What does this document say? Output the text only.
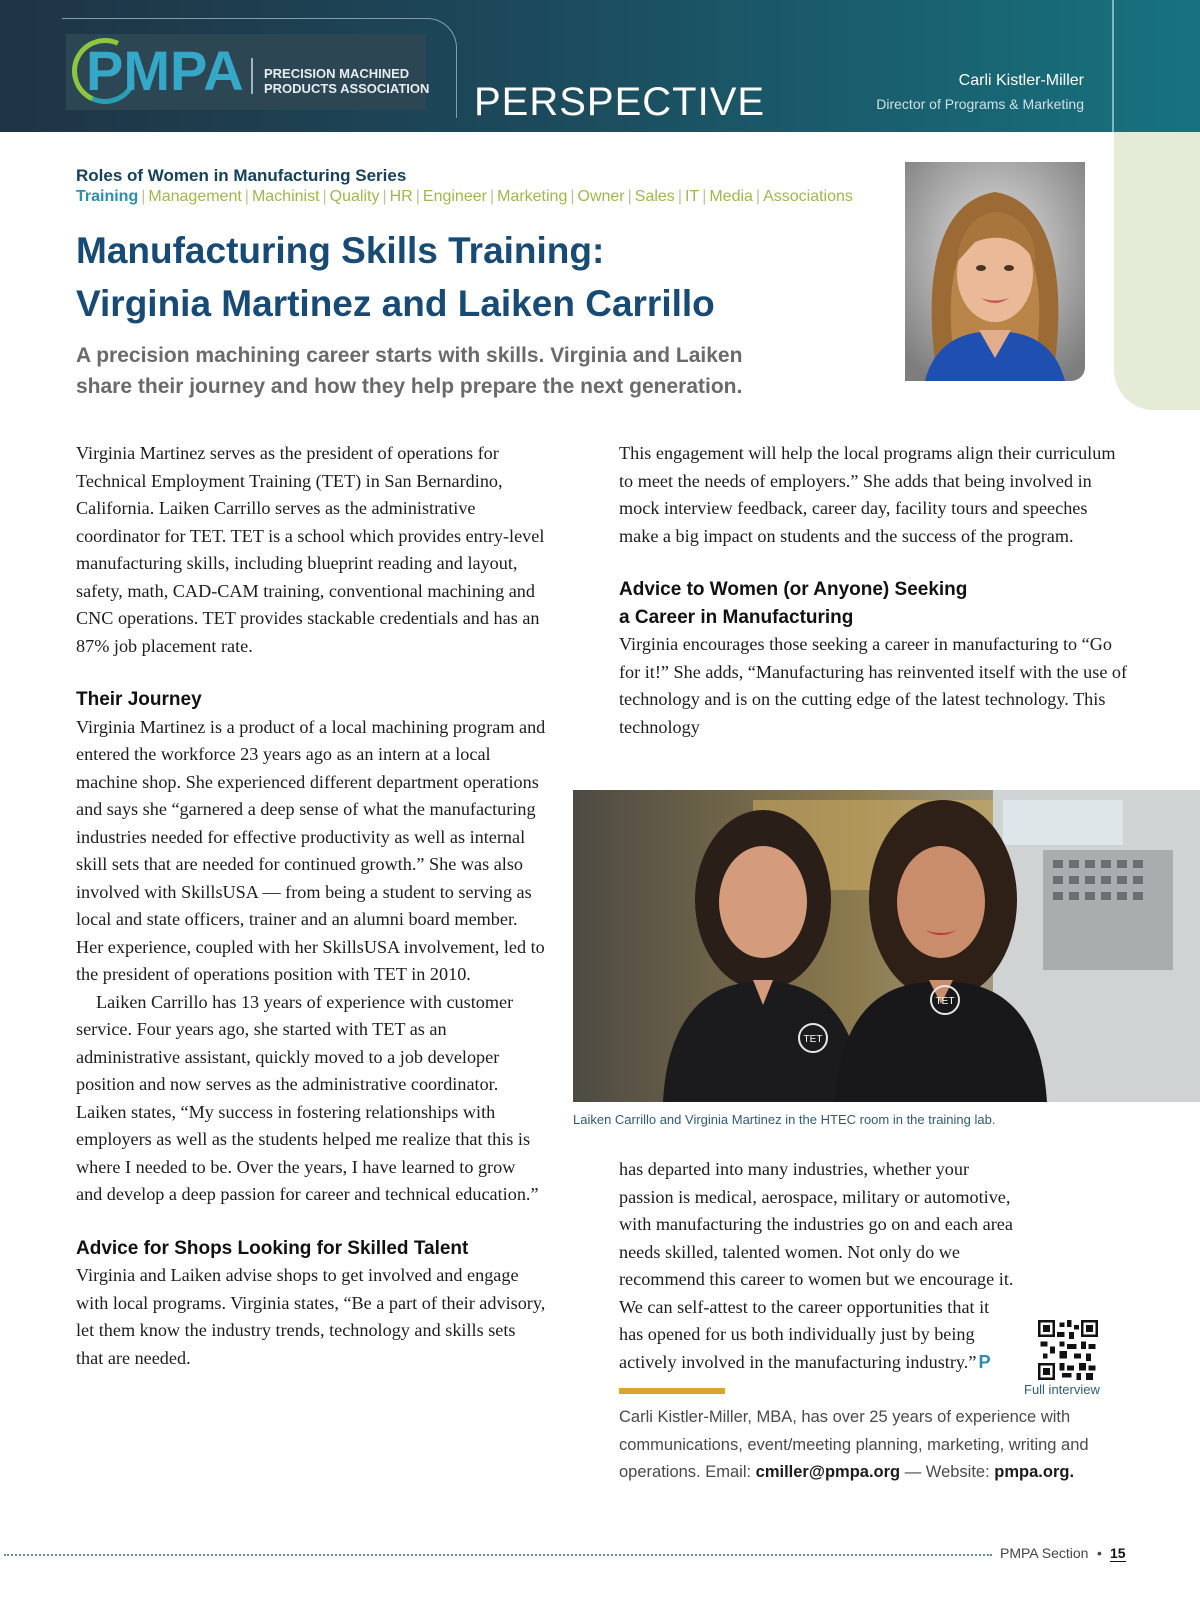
PMPA PRECISION MACHINED
PRODUCTS ASSOCIATION PERSPECTIVE	Carli Kistler-Miller
Director of Programs & Marketing
Roles of Women in Manufacturing Series
Training | Management | Machinist | Quality | HR | Engineer | Marketing | Owner | Sales | IT | Media | Associations
Manufacturing Skills Training:
Virginia Martinez and Laiken Carrillo
A precision machining career starts with skills. Virginia and Laiken
share their journey and how they help prepare the next generation.

Virginia Martinez serves as the president of operations for Technical Employment Training (TET) in San Bernardino, California. Laiken Carrillo serves as the administrative coordinator for TET. TET is a school which provides entry-level manufacturing skills, including blueprint reading and layout, safety, math, CAD-CAM training, conventional machining and CNC operations. TET provides stackable credentials and has an 87% job placement rate.

Their Journey

Virginia Martinez is a product of a local machining program and entered the workforce 23 years ago as an intern at a local machine shop. She experienced different department operations and says she “garnered a deep sense of what the manufacturing industries needed for effective productivity as well as internal skill sets that are needed for continued growth.” She was also involved with SkillsUSA — from being a student to serving as local and state officers, trainer and an alumni board member. Her experience, coupled with her SkillsUSA involvement, led to the president of operations position with TET in 2010.

Laiken Carrillo has 13 years of experience with customer service. Four years ago, she started with TET as an administrative assistant, quickly moved to a job developer position and now serves as the administrative coordinator. Laiken states, “My success in fostering relationships with employers as well as the students helped me realize that this is where I needed to be. Over the years, I have learned to grow and develop a deep passion for career and technical education.”

Advice for Shops Looking for Skilled Talent

Virginia and Laiken advise shops to get involved and engage with local programs. Virginia states, “Be a part of their advisory, let them know the industry trends, technology and skills sets that are needed.

This engagement will help the local programs align their curriculum to meet the needs of employers.” She adds that being involved in mock interview feedback, career day, facility tours and speeches make a big impact on students and the success of the program.

Advice to Women (or Anyone) Seeking
a Career in Manufacturing

Virginia encourages those seeking a career in manufacturing to “Go for it!” She adds, “Manufacturing has reinvented itself with the use of technology and is on the cutting edge of the latest technology. This technology

TET
TET
Laiken Carrillo and Virginia Martinez in the HTEC room in the training lab.

has departed into many industries, whether your passion is medical, aerospace, military or automotive, with manufacturing the industries go on and each area needs skilled, talented women. Not only do we recommend this career to women but we encourage it. We can self-attest to the career opportunities that it has opened for us both individually just by being actively involved in the manufacturing industry.” P

Full interview
Carli Kistler-Miller, MBA, has over 25 years of experience with communications, event/meeting planning, marketing, writing and operations. Email: cmiller@pmpa.org — Website: pmpa.org.
PMPA Section • 15
